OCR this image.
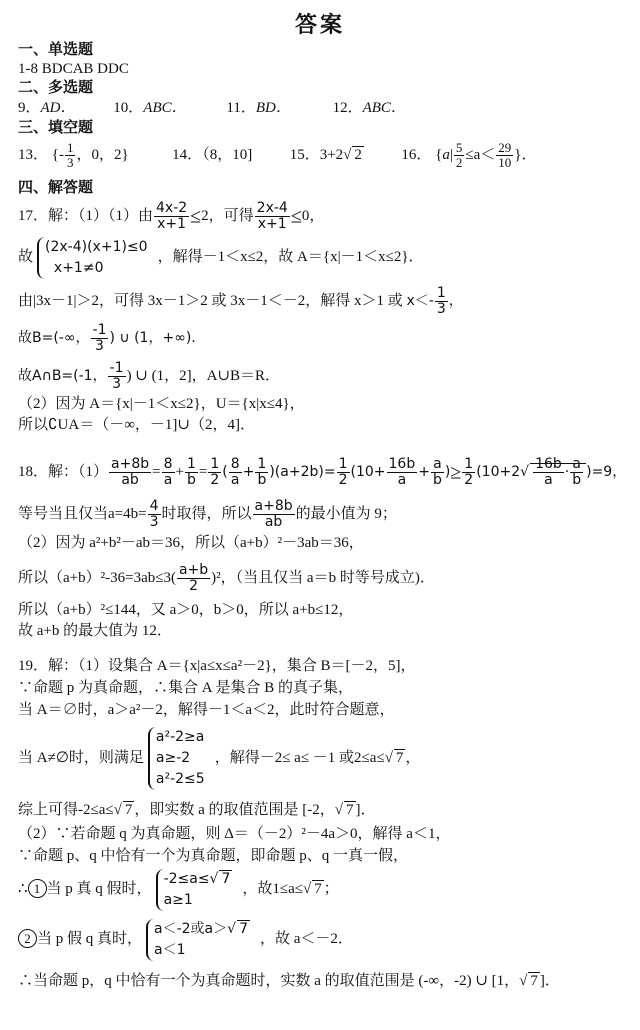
答案
一、单选题
1-8 BDCAB DDC
二、多选题
9．AD．	10．ABC．	11．BD．	12．ABC．
三、填空题
13． {- $\frac{1}{3}$ ，0，2}	14．（8，10]	15．3+2√ 2	16． {$a| \frac{5}{2} \le a< \frac{29}{10}$ }．
四、解答题
17．解：（1）（1）由 $\frac{4x-2}{x+1} \le 2$，可得 $\frac{2x-4}{x+1} \le 0$，
故
(2x-4)(x+1)≤0
x+1≠0
，解得－1＜x≤2，故 A＝{x|－1＜x≤2}．
由|3x－1|＞2，可得 3x－1＞2 或 3x－1＜－2，解得 x＞1 或 $x<- \frac{1}{3}$ ，
故B=(-∞， $\frac{-1}{3}$ ) ∪ (1，+∞)．
故A∩B=(-1， $\frac{-1}{3}$ ) ∪ (1，2]，A∪B＝R．
（2）因为 A＝{x|－1＜x≤2}，U＝{x|x≤4}，
所以∁UA＝（－∞，－1]∪（2，4]．
18．解：$(1) \frac{a+8b}{ab} = \frac{8}{a} + \frac{1}{b} = \frac{1}{2}$ ( $\frac{8}{a} + \frac{1}{b} )(a+2b)= \frac{1}{2} (10+ \frac{16b}{a} + \frac{a}{b}$ )≥ $\frac{1}{2} (10+2√ \frac{16b}{a} \cdot \frac{a}{b} )=9$，
等号当且仅当$a=4b= \frac{4}{3}$ 时取得，所以 $\frac{a+8b}{ab}$ 的最小值为 9；
（2）因为 a²+b²－ab＝36，所以（a+b）²－3ab＝36，
所以$(a+b)^2-36=3ab\le 3( \frac{a+b}{2} )^2$，（当且仅当 a＝b 时等号成立)．
所以（a+b）²≤144，又 a＞0，b＞0，所以 a+b≤12，
故 a+b 的最大值为 12．
19．解：（1）设集合 A＝{x|a≤x≤a²－2}，集合 B＝[－2，5]，
∵命题 p 为真命题，∴集合 A 是集合 B 的真子集，
当 A＝∅时，a＞a²－2，解得－1＜a＜2，此时符合题意，
当 A≠∅时，则满足
a²-2≥a
a≥-2
a²-2≤5
，解得－2≤ a≤ －1 或2≤a≤√ 7 ，
综上可得-2≤a≤√ 7 ，即实数 a 的取值范围是 [-2，√ 7 ]．
（2）∵若命题 q 为真命题，则 Δ＝（－2）²－4a＞0，解得 a＜1，
∵命题 p、q 中恰有一个为真命题，即命题 p、q 一真一假，
∴ 1 当 p 真 q 假时，
-2≤a≤√ 7
a≥1
，故1≤a≤√ 7 ；
2 当 p 假 q 真时，
a＜-2或a＞√ 7
a＜1
，故 a＜－2．
∴当命题 p，q 中恰有一个为真命题时，实数 a 的取值范围是 (-∞，-2) ∪ [1，√ 7 ]．
